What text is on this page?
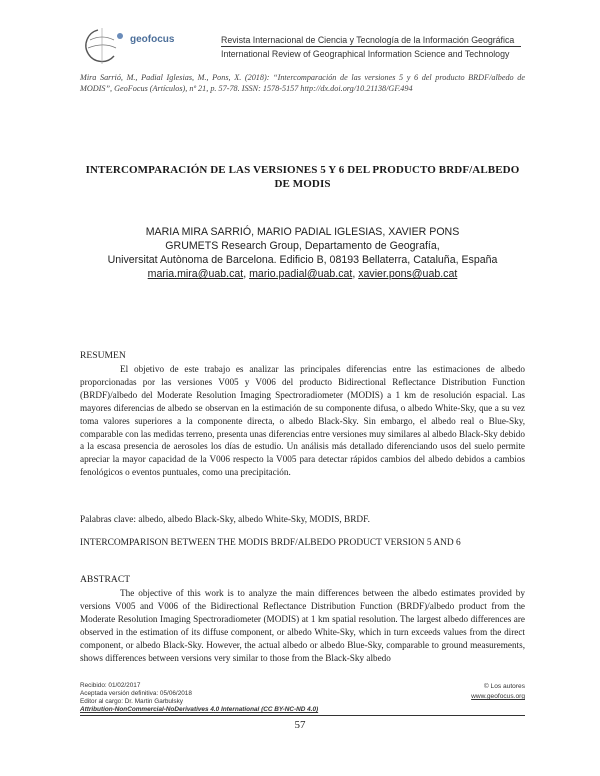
geofocus	Revista Internacional de Ciencia y Tecnología de la Información Geográfica
International Review of Geographical Information Science and Technology
Mira Sarrió, M., Padial Iglesias, M., Pons, X. (2018): “Intercomparación de las versiones 5 y 6 del producto BRDF/albedo de MODIS”, GeoFocus (Artículos), nº 21, p. 57-78. ISSN: 1578-5157 http://dx.doi.org/10.21138/GF.494
INTERCOMPARACIÓN DE LAS VERSIONES 5 Y 6 DEL PRODUCTO BRDF/ALBEDO DE MODIS
MARIA MIRA SARRIÓ, MARIO PADIAL IGLESIAS, XAVIER PONS
GRUMETS Research Group, Departamento de Geografía,
Universitat Autònoma de Barcelona. Edificio B, 08193 Bellaterra, Cataluña, España
maria.mira@uab.cat, mario.padial@uab.cat, xavier.pons@uab.cat
RESUMEN
El objetivo de este trabajo es analizar las principales diferencias entre las estimaciones de albedo proporcionadas por las versiones V005 y V006 del producto Bidirectional Reflectance Distribution Function (BRDF)/albedo del Moderate Resolution Imaging Spectroradiometer (MODIS) a 1 km de resolución espacial. Las mayores diferencias de albedo se observan en la estimación de su componente difusa, o albedo White-Sky, que a su vez toma valores superiores a la componente directa, o albedo Black-Sky. Sin embargo, el albedo real o Blue-Sky, comparable con las medidas terreno, presenta unas diferencias entre versiones muy similares al albedo Black-Sky debido a la escasa presencia de aerosoles los días de estudio. Un análisis más detallado diferenciando usos del suelo permite apreciar la mayor capacidad de la V006 respecto la V005 para detectar rápidos cambios del albedo debidos a cambios fenológicos o eventos puntuales, como una precipitación.
Palabras clave: albedo, albedo Black-Sky, albedo White-Sky, MODIS, BRDF.
INTERCOMPARISON BETWEEN THE MODIS BRDF/ALBEDO PRODUCT VERSION 5 AND 6
ABSTRACT
The objective of this work is to analyze the main differences between the albedo estimates provided by versions V005 and V006 of the Bidirectional Reflectance Distribution Function (BRDF)/albedo product from the Moderate Resolution Imaging Spectroradiometer (MODIS) at 1 km spatial resolution. The largest albedo differences are observed in the estimation of its diffuse component, or albedo White-Sky, which in turn exceeds values from the direct component, or albedo Black-Sky. However, the actual albedo or albedo Blue-Sky, comparable to ground measurements, shows differences between versions very similar to those from the Black-Sky albedo
Recibido: 01/02/2017
Aceptada versión definitiva: 05/06/2018
Editor al cargo: Dr. Martin Garbulsky
Attribution-NonCommercial-NoDerivatives 4.0 International (CC BY-NC-ND 4.0)
© Los autores
www.geofocus.org
57
